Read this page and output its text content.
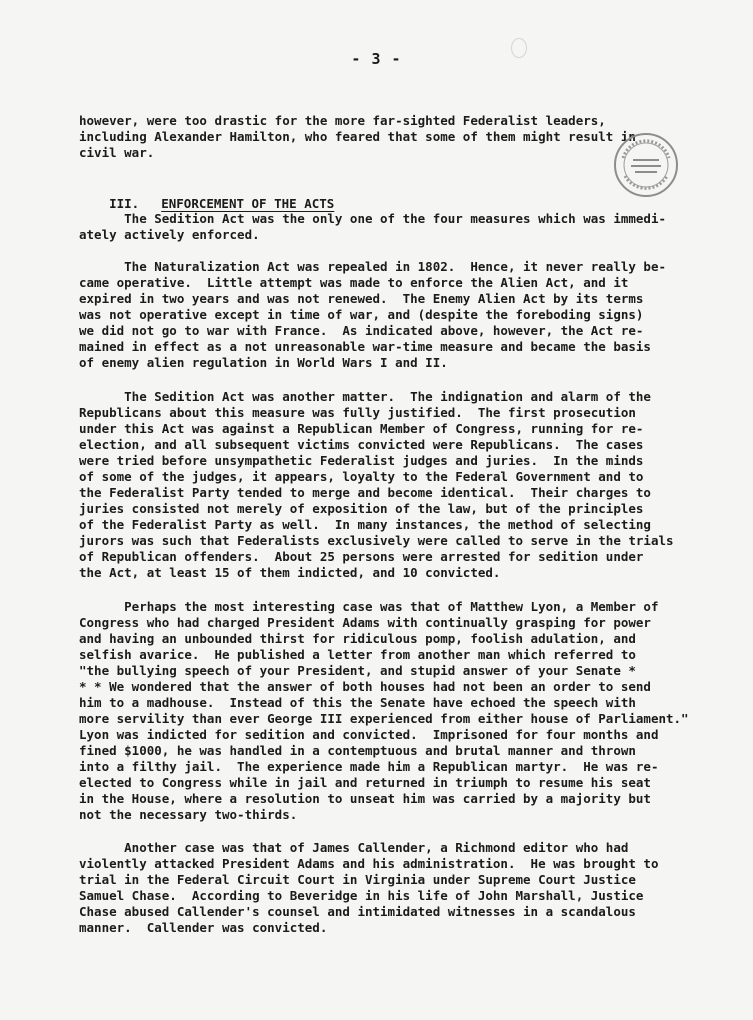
- 3 -
however, were too drastic for the more far-sighted Federalist leaders,
including Alexander Hamilton, who feared that some of them might result in
civil war.

III. ENFORCEMENT OF THE ACTS

The Sedition Act was the only one of the four measures which was immedi-
ately actively enforced.
The Naturalization Act was repealed in 1802.  Hence, it never really be-
came operative.  Little attempt was made to enforce the Alien Act, and it
expired in two years and was not renewed.  The Enemy Alien Act by its terms
was not operative except in time of war, and (despite the foreboding signs)
we did not go to war with France.  As indicated above, however, the Act re-
mained in effect as a not unreasonable war-time measure and became the basis
of enemy alien regulation in World Wars I and II.
The Sedition Act was another matter.  The indignation and alarm of the
Republicans about this measure was fully justified.  The first prosecution
under this Act was against a Republican Member of Congress, running for re-
election, and all subsequent victims convicted were Republicans.  The cases
were tried before unsympathetic Federalist judges and juries.  In the minds
of some of the judges, it appears, loyalty to the Federal Government and to
the Federalist Party tended to merge and become identical.  Their charges to
juries consisted not merely of exposition of the law, but of the principles
of the Federalist Party as well.  In many instances, the method of selecting
jurors was such that Federalists exclusively were called to serve in the trials
of Republican offenders.  About 25 persons were arrested for sedition under
the Act, at least 15 of them indicted, and 10 convicted.
Perhaps the most interesting case was that of Matthew Lyon, a Member of
Congress who had charged President Adams with continually grasping for power
and having an unbounded thirst for ridiculous pomp, foolish adulation, and
selfish avarice.  He published a letter from another man which referred to
"the bullying speech of your President, and stupid answer of your Senate *
* * We wondered that the answer of both houses had not been an order to send
him to a madhouse.  Instead of this the Senate have echoed the speech with
more servility than ever George III experienced from either house of Parliament."
Lyon was indicted for sedition and convicted.  Imprisoned for four months and
fined $1000, he was handled in a contemptuous and brutal manner and thrown
into a filthy jail.  The experience made him a Republican martyr.  He was re-
elected to Congress while in jail and returned in triumph to resume his seat
in the House, where a resolution to unseat him was carried by a majority but
not the necessary two-thirds.
Another case was that of James Callender, a Richmond editor who had
violently attacked President Adams and his administration.  He was brought to
trial in the Federal Circuit Court in Virginia under Supreme Court Justice
Samuel Chase.  According to Beveridge in his life of John Marshall, Justice
Chase abused Callender's counsel and intimidated witnesses in a scandalous
manner.  Callender was convicted.
